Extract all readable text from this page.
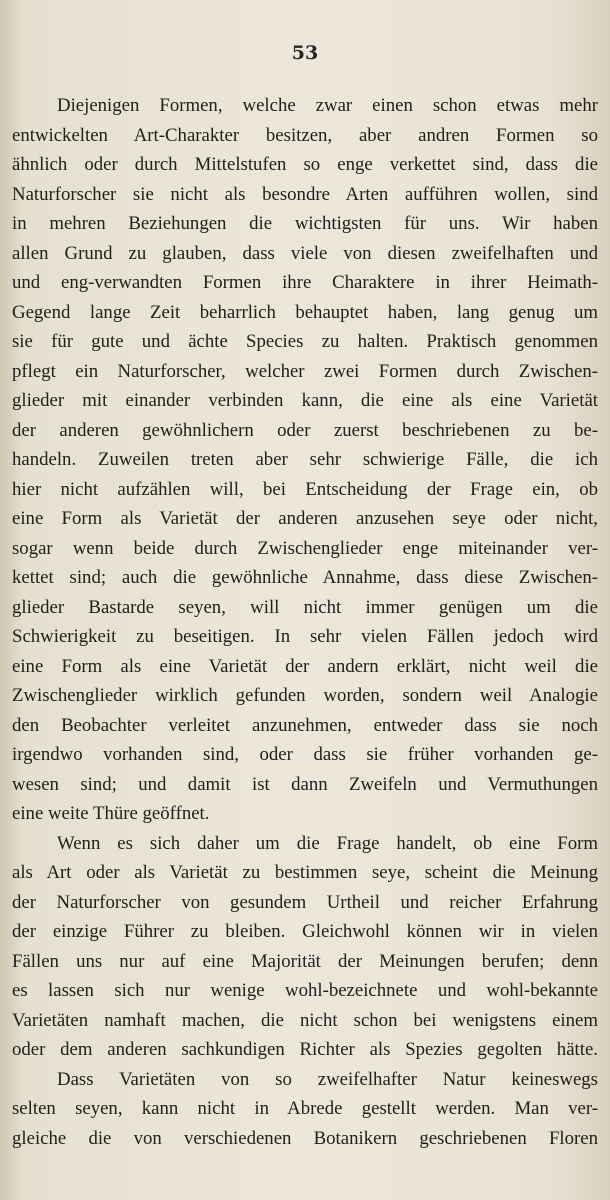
53
Diejenigen Formen, welche zwar einen schon etwas mehr
entwickelten Art-Charakter besitzen, aber andren Formen so
ähnlich oder durch Mittelstufen so enge verkettet sind, dass die
Naturforscher sie nicht als besondre Arten aufführen wollen, sind
in mehren Beziehungen die wichtigsten für uns. Wir haben
allen Grund zu glauben, dass viele von diesen zweifelhaften und
und eng-verwandten Formen ihre Charaktere in ihrer Heimath-
Gegend lange Zeit beharrlich behauptet haben, lang genug um
sie für gute und ächte Species zu halten. Praktisch genommen
pflegt ein Naturforscher, welcher zwei Formen durch Zwischen-
glieder mit einander verbinden kann, die eine als eine Varietät
der anderen gewöhnlichern oder zuerst beschriebenen zu be-
handeln. Zuweilen treten aber sehr schwierige Fälle, die ich
hier nicht aufzählen will, bei Entscheidung der Frage ein, ob
eine Form als Varietät der anderen anzusehen seye oder nicht,
sogar wenn beide durch Zwischenglieder enge miteinander ver-
kettet sind; auch die gewöhnliche Annahme, dass diese Zwischen-
glieder Bastarde seyen, will nicht immer genügen um die
Schwierigkeit zu beseitigen. In sehr vielen Fällen jedoch wird
eine Form als eine Varietät der andern erklärt, nicht weil die
Zwischenglieder wirklich gefunden worden, sondern weil Analogie
den Beobachter verleitet anzunehmen, entweder dass sie noch
irgendwo vorhanden sind, oder dass sie früher vorhanden ge-
wesen sind; und damit ist dann Zweifeln und Vermuthungen
eine weite Thüre geöffnet.
Wenn es sich daher um die Frage handelt, ob eine Form
als Art oder als Varietät zu bestimmen seye, scheint die Meinung
der Naturforscher von gesundem Urtheil und reicher Erfahrung
der einzige Führer zu bleiben. Gleichwohl können wir in vielen
Fällen uns nur auf eine Majorität der Meinungen berufen; denn
es lassen sich nur wenige wohl-bezeichnete und wohl-bekannte
Varietäten namhaft machen, die nicht schon bei wenigstens einem
oder dem anderen sachkundigen Richter als Spezies gegolten hätte.
Dass Varietäten von so zweifelhafter Natur keineswegs
selten seyen, kann nicht in Abrede gestellt werden. Man ver-
gleiche die von verschiedenen Botanikern geschriebenen Floren
